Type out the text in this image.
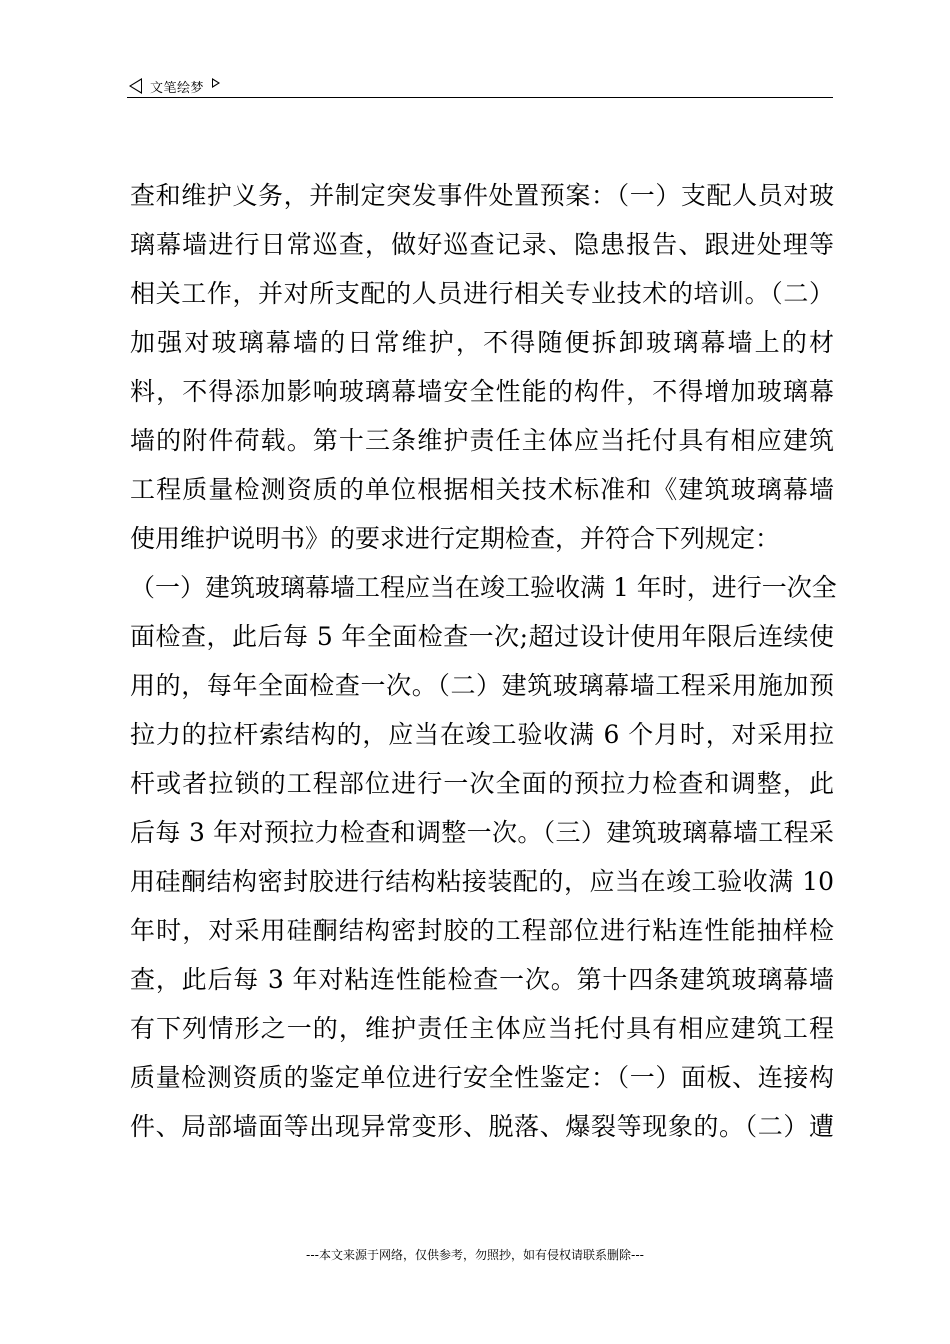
文笔绘梦
查和维护义务，并制定突发事件处置预案：（一）支配人员对玻
璃幕墙进行日常巡查，做好巡查记录、隐患报告、跟进处理等
相关工作，并对所支配的人员进行相关专业技术的培训。（二）
加强对玻璃幕墙的日常维护，不得随便拆卸玻璃幕墙上的材
料，不得添加影响玻璃幕墙安全性能的构件，不得增加玻璃幕
墙的附件荷载。第十三条维护责任主体应当托付具有相应建筑
工程质量检测资质的单位根据相关技术标准和《建筑玻璃幕墙
使用维护说明书》的要求进行定期检查，并符合下列规定：
（一）建筑玻璃幕墙工程应当在竣工验收满 1 年时，进行一次全
面检查，此后每 5 年全面检查一次;超过设计使用年限后连续使
用的，每年全面检查一次。（二）建筑玻璃幕墙工程采用施加预
拉力的拉杆索结构的，应当在竣工验收满 6 个月时，对采用拉
杆或者拉锁的工程部位进行一次全面的预拉力检查和调整，此
后每 3 年对预拉力检查和调整一次。（三）建筑玻璃幕墙工程采
用硅酮结构密封胶进行结构粘接装配的，应当在竣工验收满 10
年时，对采用硅酮结构密封胶的工程部位进行粘连性能抽样检
查，此后每 3 年对粘连性能检查一次。第十四条建筑玻璃幕墙
有下列情形之一的，维护责任主体应当托付具有相应建筑工程
质量检测资质的鉴定单位进行安全性鉴定：（一）面板、连接构
件、局部墙面等出现异常变形、脱落、爆裂等现象的。（二）遭
---本文来源于网络，仅供参考，勿照抄，如有侵权请联系删除---
